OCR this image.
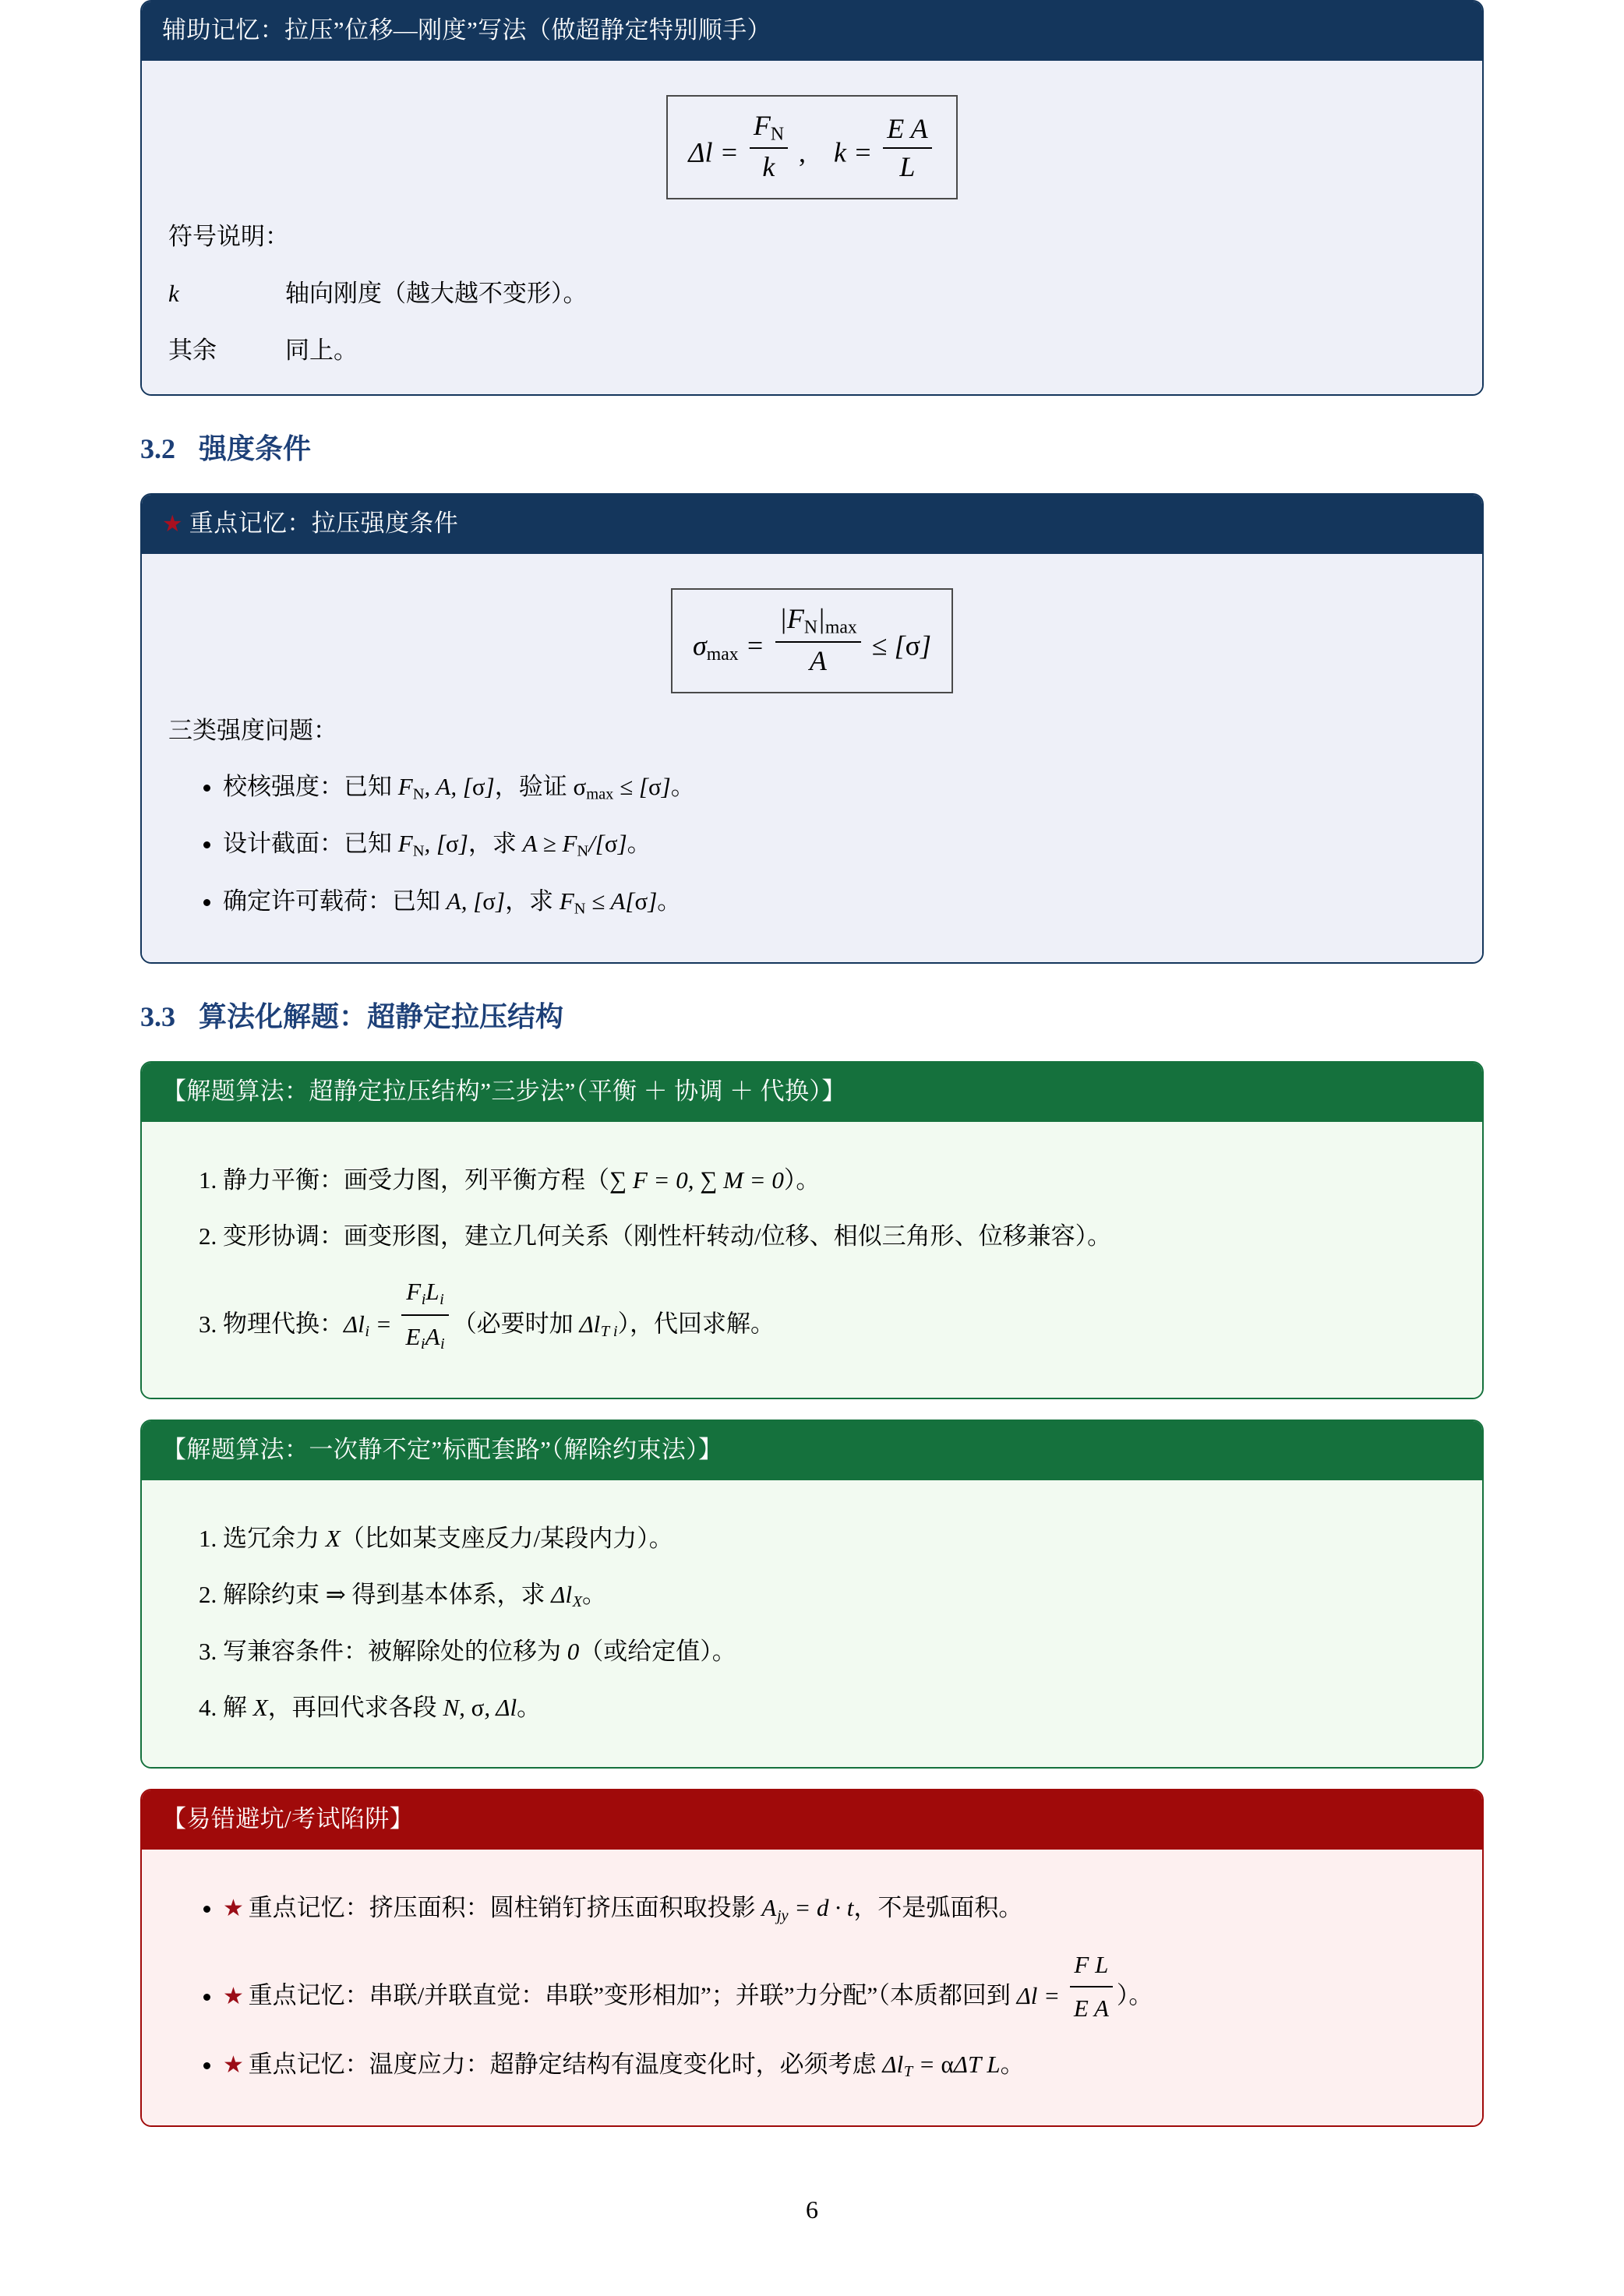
辅助记忆：拉压”位移—刚度”写法（做超静定特别顺手）
$\Delta l = \frac{FN}{k}$ , $k = \frac{\text{E A}}{L}$
符号说明：
k	轴向刚度（越大越不变形）。
其余	同上。
3.2 强度条件
★ 重点记忆：拉压强度条件
$\sigma\max = \frac{|FN|\max}{A} \le [\sigma]$
三类强度问题：
• 校核强度：已知 FN, A, [σ]，验证 σmax ≤ [σ]。
• 设计截面：已知 FN, [σ]，求 A ≥ FN/[σ]。
• 确定许可载荷：已知 A, [σ]，求 FN ≤ A[σ]。
3.3 算法化解题：超静定拉压结构
【解题算法：超静定拉压结构”三步法”（平衡 ＋ 协调 ＋ 代换）】
1. 静力平衡：画受力图，列平衡方程（∑ F = 0, ∑ M = 0）。
2. 变形协调：画变形图，建立几何关系（刚性杆转动/位移、相似三角形、位移兼容）。
3. 物理代换：$\Delta l_i = \frac{F_iL_i}{E_iA_i}$ （必要时加 $\Delta l_{T i}$），代回求解。
【解题算法：一次静不定”标配套路”（解除约束法）】
1. 选冗余力 X（比如某支座反力/某段内力）。
2. 解除约束 ⇒ 得到基本体系，求 $\Delta l_X$。
3. 写兼容条件：被解除处的位移为 0（或给定值）。
4. 解 X，再回代求各段 N, σ, Δl。
【易错避坑/考试陷阱】
• ★ 重点记忆：挤压面积：圆柱销钉挤压面积取投影 $A_{jy} = d \cdot t$，不是弧面积。
• ★ 重点记忆：串联/并联直觉：串联”变形相加”；并联”力分配”（本质都回到 $\Delta l = \frac{\text{F L}}{\text{E A}}$ ）。
• ★ 重点记忆：温度应力：超静定结构有温度变化时，必须考虑 $\Delta l_T = \alpha\Delta T$ L。
6
